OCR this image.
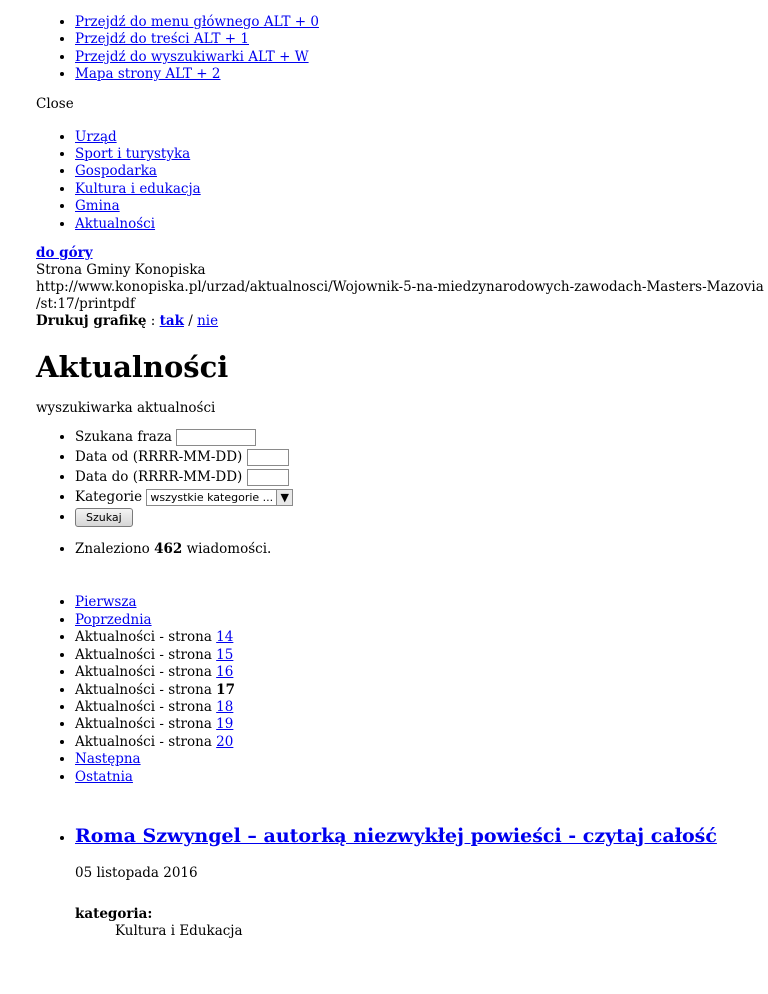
• Przejdź do menu głównego ALT + 0
• Przejdź do treści ALT + 1
• Przejdź do wyszukiwarki ALT + W
• Mapa strony ALT + 2
Close
• Urząd
• Sport i turystyka
• Gospodarka
• Kultura i edukacja
• Gmina
• Aktualności
do góry
Strona Gminy Konopiska
http://www.konopiska.pl/urzad/aktualnosci/Wojownik-5-na-miedzynarodowych-zawodach-Masters-Mazovia
/st:17/printpdf
Drukuj grafikę : tak / nie
Aktualności
wyszukiwarka aktualności
• Szukana fraza
• Data od (RRRR-MM-DD)
• Data do (RRRR-MM-DD)
• Kategorie wszystkie kategorie ... ▼
• Szukaj
• Znaleziono 462 wiadomości.
• Pierwsza
• Poprzednia
• Aktualności - strona 14
• Aktualności - strona 15
• Aktualności - strona 16
• Aktualności - strona 17
• Aktualności - strona 18
• Aktualności - strona 19
• Aktualności - strona 20
• Następna
• Ostatnia
• Roma Szwyngel – autorką niezwykłej powieści - czytaj całość
05 listopada 2016
kategoria:
Kultura i Edukacja
